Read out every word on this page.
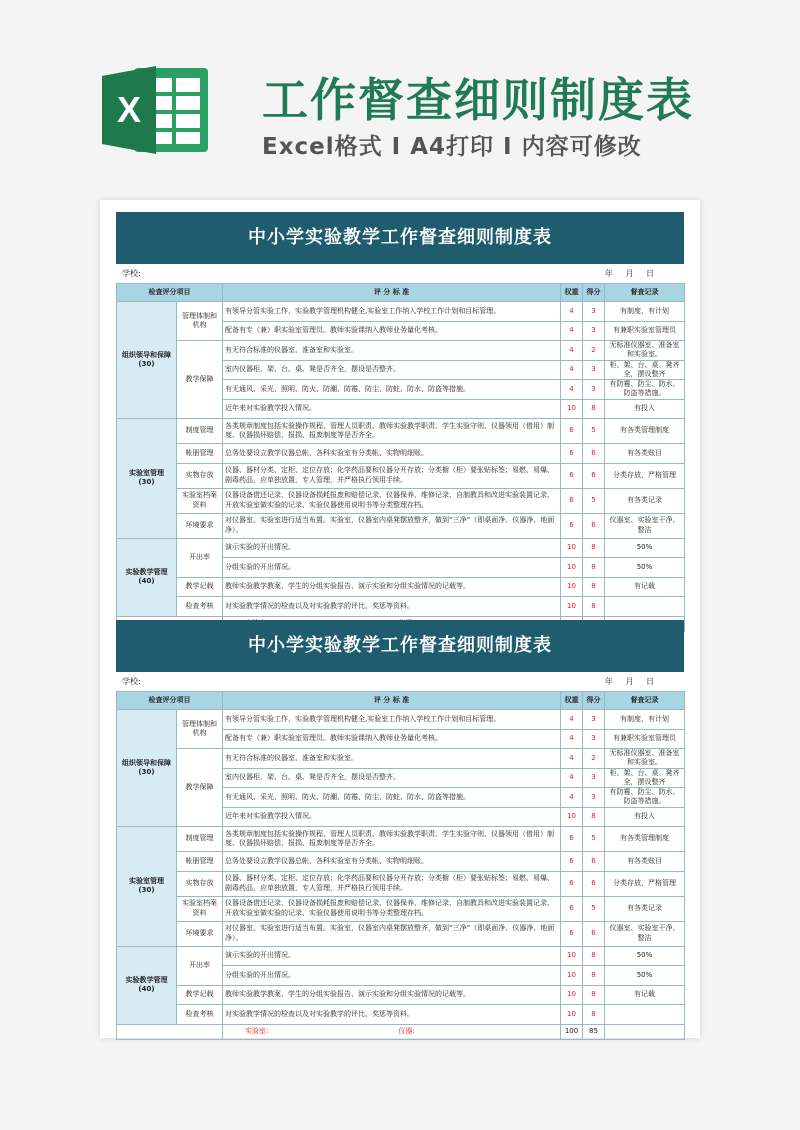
X	工作督查细则制度表
Excel格式 Ⅰ A4打印 Ⅰ 内容可修改
中小学实验教学工作督查细则制度表
学校:	年 月 日
检查评分项目		评 分 标 准	权重	得分	督查记录
组织领导和保障
(30)	管理体制和机构	有领导分管实验工作，实验教学管理机构健全,实验室工作纳入学校工作计划和目标管理。	4	3	有制度、有计划
		配备有专（兼）职实验室管理员。教师实验课纳入教师业务量化考核。	4	3	有兼职实验室管理员
	教学保障	有无符合标准的仪器室、准备室和实验室。	4	2	无标准仪器室、准备室和实验室。
		室内仪器柜、架、台、桌、凳是否齐全，摆设是否整齐。	4	3	柜、架、台、桌、凳齐全，摆设整齐
		有无通风、采光、照明、防火、防潮、防霉、防尘、防蛀、防水、防盗等措施。	4	3	有防霉、防尘、防水、防盗等措施。
		近年来对实验教学投入情况。	10	8	有投入
实验室管理
(30)	制度管理	各类规章制度包括实验操作规程、管理人员职责、教师实验教学职责、学生实验守则、仪器领用（借用）制度、仪器损坏赔偿、报损、报废制度等是否齐全。	6	5	有各类管理制度
	帐册管理	总务处要设立教学仪器总帐，各科实验室有分类帐、实物明细账。	6	6	有各类账目
	实物存放	仪器、器材分类、定柜、定位存放；化学药品要和仪器分开存放；分类橱（柜）要张贴标签；易燃、易爆、剧毒药品，应单独放置，专人管理，并严格执行领用手续。	6	6	分类存放，严格管理
	实验室档案资料	仪器设备借还记录、仪器设备损耗报废和赔偿记录、仪器保养、维修记录、自制教具和改进实验装置记录、开放实验室做实验的记录、实验仪器使用说明书等分类整理存档。	6	5	有各类记录
	环境要求	对仪器室、实验室进行适当布置。实验室、仪器室内桌凳摆放整齐，做到“三净”（即桌面净、仪器净、地面净）。	6	6	仪器室、实验室干净、整洁
实验教学管理
(40)	开出率	演示实验的开出情况。	10	8	50%
		分组实验的开出情况。	10	8	50%
	教学记载	教师实验教学教案、学生的分组实验报告、演示实验和分组实验情况的记载等。	10	8	有记载
	检查考核	对实验教学情况的检查以及对实验教学的评比、奖惩等资料。	10	8	

中小学实验教学工作督查细则制度表
学校:	年 月 日
检查评分项目		评 分 标 准	权重	得分	督查记录
组织领导和保障
(30)	管理体制和机构	有领导分管实验工作，实验教学管理机构健全,实验室工作纳入学校工作计划和目标管理。	4	3	有制度、有计划
		配备有专（兼）职实验室管理员。教师实验课纳入教师业务量化考核。	4	3	有兼职实验室管理员
	教学保障	有无符合标准的仪器室、准备室和实验室。	4	2	无标准仪器室、准备室和实验室。
		室内仪器柜、架、台、桌、凳是否齐全，摆设是否整齐。	4	3	柜、架、台、桌、凳齐全，摆设整齐
		有无通风、采光、照明、防火、防潮、防霉、防尘、防蛀、防水、防盗等措施。	4	3	有防霉、防尘、防水、防盗等措施。
		近年来对实验教学投入情况。	10	8	有投入
实验室管理
(30)	制度管理	各类规章制度包括实验操作规程、管理人员职责、教师实验教学职责、学生实验守则、仪器领用（借用）制度、仪器损坏赔偿、报损、报废制度等是否齐全。	6	5	有各类管理制度
	帐册管理	总务处要设立教学仪器总帐，各科实验室有分类帐、实物明细账。	6	6	有各类账目
	实物存放	仪器、器材分类、定柜、定位存放；化学药品要和仪器分开存放；分类橱（柜）要张贴标签；易燃、易爆、剧毒药品，应单独放置，专人管理，并严格执行领用手续。	6	6	分类存放，严格管理
	实验室档案资料	仪器设备借还记录、仪器设备损耗报废和赔偿记录、仪器保养、维修记录、自制教具和改进实验装置记录、开放实验室做实验的记录、实验仪器使用说明书等分类整理存档。	6	5	有各类记录
	环境要求	对仪器室、实验室进行适当布置。实验室、仪器室内桌凳摆放整齐，做到“三净”（即桌面净、仪器净、地面净）。	6	6	仪器室、实验室干净、整洁
实验教学管理
(40)	开出率	演示实验的开出情况。	10	8	50%
		分组实验的开出情况。	10	8	50%
	教学记载	教师实验教学教案、学生的分组实验报告、演示实验和分组实验情况的记载等。	10	8	有记载
	检查考核	对实验教学情况的检查以及对实验教学的评比、奖惩等资料。	10	8	
		实验室: 仪器:	100	85	
